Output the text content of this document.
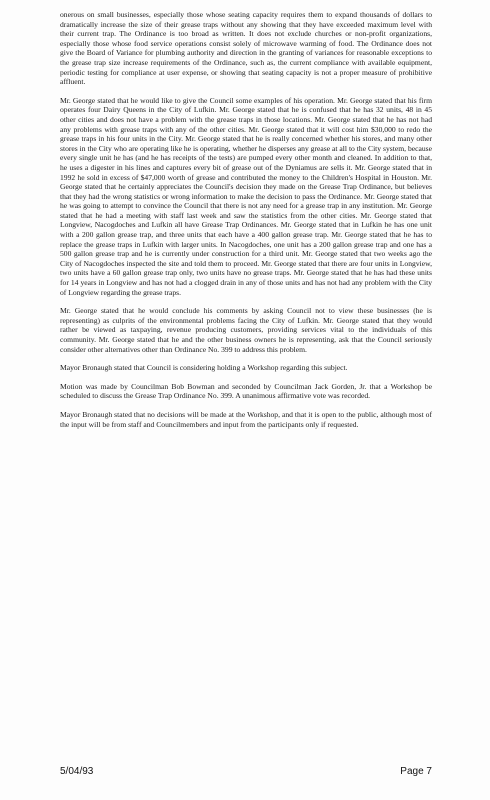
onerous on small businesses, especially those whose seating capacity requires them to expand thousands of dollars to dramatically increase the size of their grease traps without any showing that they have exceeded maximum level with their current trap. The Ordinance is too broad as written. It does not exclude churches or non-profit organizations, especially those whose food service operations consist solely of microwave warming of food. The Ordinance does not give the Board of Variance for plumbing authority and direction in the granting of variances for reasonable exceptions to the grease trap size increase requirements of the Ordinance, such as, the current compliance with available equipment, periodic testing for compliance at user expense, or showing that seating capacity is not a proper measure of prohibitive affluent.

Mr. George stated that he would like to give the Council some examples of his operation. Mr. George stated that his firm operates four Dairy Queens in the City of Lufkin. Mr. George stated that he is confused that he has 32 units, 48 in 45 other cities and does not have a problem with the grease traps in those locations. Mr. George stated that he has not had any problems with grease traps with any of the other cities. Mr. George stated that it will cost him $30,000 to redo the grease traps in his four units in the City. Mr. George stated that he is really concerned whether his stores, and many other stores in the City who are operating like he is operating, whether he disperses any grease at all to the City system, because every single unit he has (and he has receipts of the tests) are pumped every other month and cleaned. In addition to that, he uses a digester in his lines and captures every bit of grease out of the Dyniamus are sells it. Mr. George stated that in 1992 he sold in excess of $47,000 worth of grease and contributed the money to the Children's Hospital in Houston. Mr. George stated that he certainly appreciates the Council's decision they made on the Grease Trap Ordinance, but believes that they had the wrong statistics or wrong information to make the decision to pass the Ordinance. Mr. George stated that he was going to attempt to convince the Council that there is not any need for a grease trap in any institution. Mr. George stated that he had a meeting with staff last week and saw the statistics from the other cities. Mr. George stated that Longview, Nacogdoches and Lufkin all have Grease Trap Ordinances. Mr. George stated that in Lufkin he has one unit with a 200 gallon grease trap, and three units that each have a 400 gallon grease trap. Mr. George stated that he has to replace the grease traps in Lufkin with larger units. In Nacogdoches, one unit has a 200 gallon grease trap and one has a 500 gallon grease trap and he is currently under construction for a third unit. Mr. George stated that two weeks ago the City of Nacogdoches inspected the site and told them to proceed. Mr. George stated that there are four units in Longview, two units have a 60 gallon grease trap only, two units have no grease traps. Mr. George stated that he has had these units for 14 years in Longview and has not had a clogged drain in any of those units and has not had any problem with the City of Longview regarding the grease traps.

Mr. George stated that he would conclude his comments by asking Council not to view these businesses (he is representing) as culprits of the environmental problems facing the City of Lufkin. Mr. George stated that they would rather be viewed as taxpaying, revenue producing customers, providing services vital to the individuals of this community. Mr. George stated that he and the other business owners he is representing, ask that the Council seriously consider other alternatives other than Ordinance No. 399 to address this problem.

Mayor Bronaugh stated that Council is considering holding a Workshop regarding this subject.

Motion was made by Councilman Bob Bowman and seconded by Councilman Jack Gorden, Jr. that a Workshop be scheduled to discuss the Grease Trap Ordinance No. 399. A unanimous affirmative vote was recorded.

Mayor Bronaugh stated that no decisions will be made at the Workshop, and that it is open to the public, although most of the input will be from staff and Councilmembers and input from the participants only if requested.

5/04/93	Page 7
